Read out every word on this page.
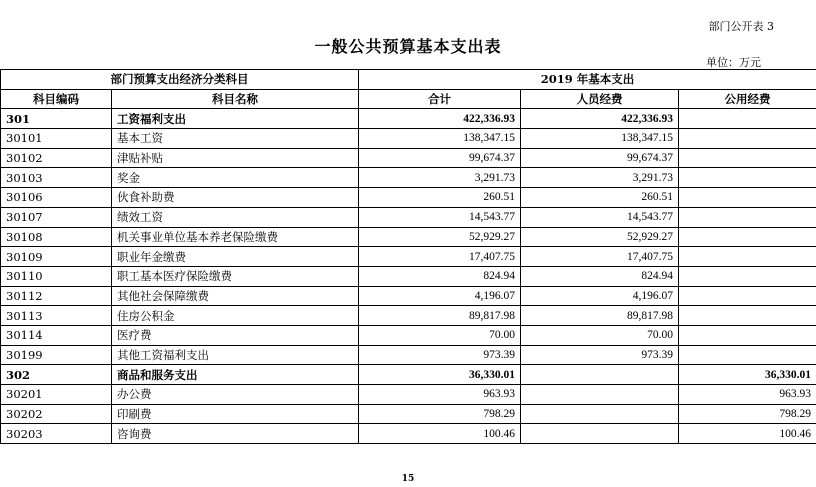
部门公开表 3
一般公共预算基本支出表
单位：万元
部门预算支出经济分类科目		2019 年基本支出		
科目编码	科目名称	合计	人员经费	公用经费
301	工资福利支出	422,336.93	422,336.93	
30101	基本工资	138,347.15	138,347.15	
30102	津贴补贴	99,674.37	99,674.37	
30103	奖金	3,291.73	3,291.73	
30106	伙食补助费	260.51	260.51	
30107	绩效工资	14,543.77	14,543.77	
30108	机关事业单位基本养老保险缴费	52,929.27	52,929.27	
30109	职业年金缴费	17,407.75	17,407.75	
30110	职工基本医疗保险缴费	824.94	824.94	
30112	其他社会保障缴费	4,196.07	4,196.07	
30113	住房公积金	89,817.98	89,817.98	
30114	医疗费	70.00	70.00	
30199	其他工资福利支出	973.39	973.39	
302	商品和服务支出	36,330.01		36,330.01
30201	办公费	963.93		963.93
30202	印刷费	798.29		798.29
30203	咨询费	100.46		100.46
15
